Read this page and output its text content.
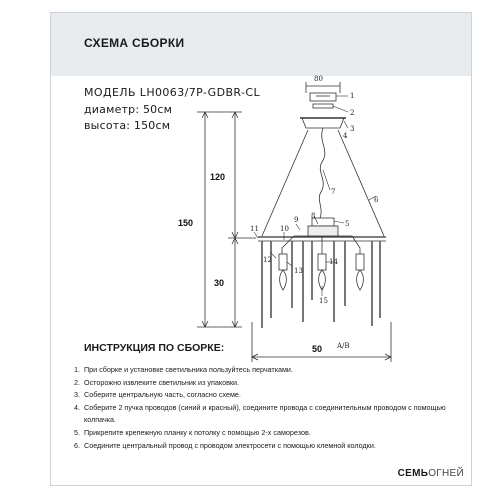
СХЕМА СБОРКИ
МОДЕЛЬ LH0063/7P-GDBR-CL
диаметр: 50см
высота: 150см
150
120
30
50
80
A/B
1
2
3
4
5
6
7
8
9
10
11
12
13
14
15
ИНСТРУКЦИЯ ПО СБОРКЕ:
1. При сборке и установке светильника пользуйтесь перчатками.
2. Осторожно извлеките светильник из упаковки.
3. Соберите центральную часть, согласно схеме.
4. Соберите 2 пучка проводов (синий и красный), соедините провода с соединительным проводом с помощью колпачка.
5. Прикрепите крепежную планку к потолку с помощью 2-х саморезов.
6. Соедините центральный провод с проводом электросети с помощью клемной колодки.
СЕМЬОГНЕЙ
